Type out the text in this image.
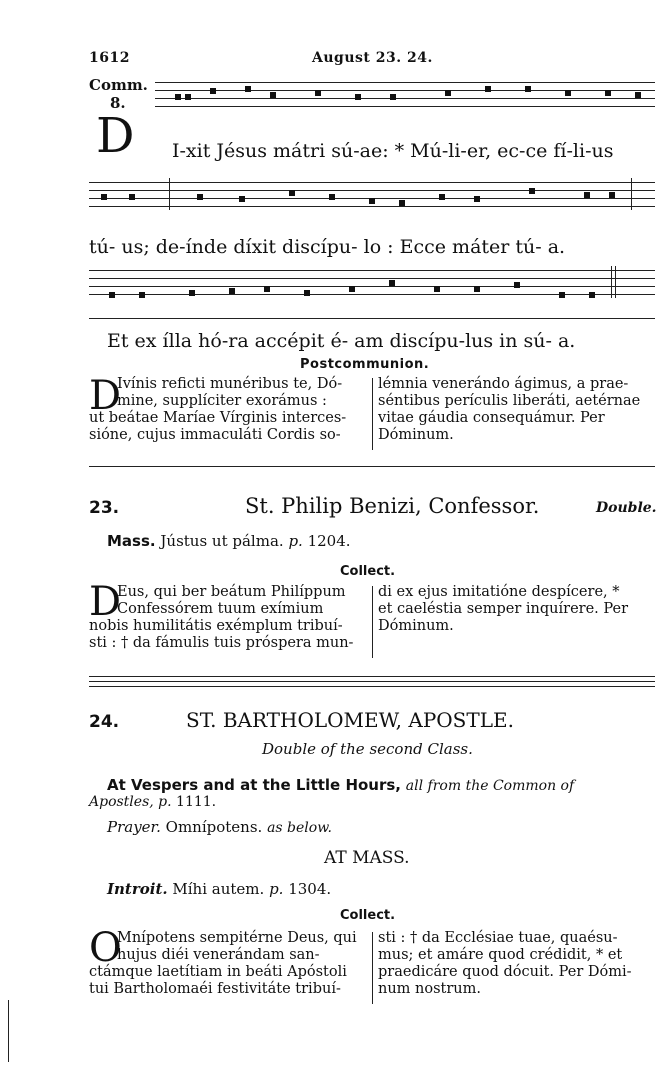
1612	August 23. 24.
Comm.
8.
D I-xit Jésus mátri sú-ae: * Mú-li-er, ec-ce fí-li-us
tú- us; de-índe díxit discípu- lo : Ecce máter tú- a.
Et ex ílla hó-ra accépit é- am discípu-lus in sú- a.
Postcommunion.
D
Ivínis reficti munéribus te, Dó-
mine, supplíciter exorámus :
ut beátae Maríae Vírginis interces-
sióne, cujus immaculáti Cordis so-
lémnia venerándo ágimus, a prae-
séntibus perículis liberáti, aetérnae
vitae gáudia consequámur. Per
Dóminum.
23.	St. Philip Benizi, Confessor.	Double.
Mass. Jústus ut pálma. p. 1204.
Collect.
D
Eus, qui ber beátum Philíppum
Confessórem tuum exímium
nobis humilitátis exémplum tribuí-
sti : † da fámulis tuis próspera mun-
di ex ejus imitatióne despícere, *
et caeléstia semper inquírere. Per
Dóminum.
24.	ST. BARTHOLOMEW, APOSTLE.
Double of the second Class.
At Vespers and at the Little Hours, all from the Common of
Apostles, p. 1111.
Prayer. Omnípotens. as below.
AT MASS.
Introit. Míhi autem. p. 1304.
Collect.
O
Mnípotens sempitérne Deus, qui
hujus diéi venerándam san-
ctámque laetítiam in beáti Apóstoli
tui Bartholomaéi festivitáte tribuí-
sti : † da Ecclésiae tuae, quaésu-
mus; et amáre quod crédidit, * et
praedicáre quod dócuit. Per Dómi-
num nostrum.
